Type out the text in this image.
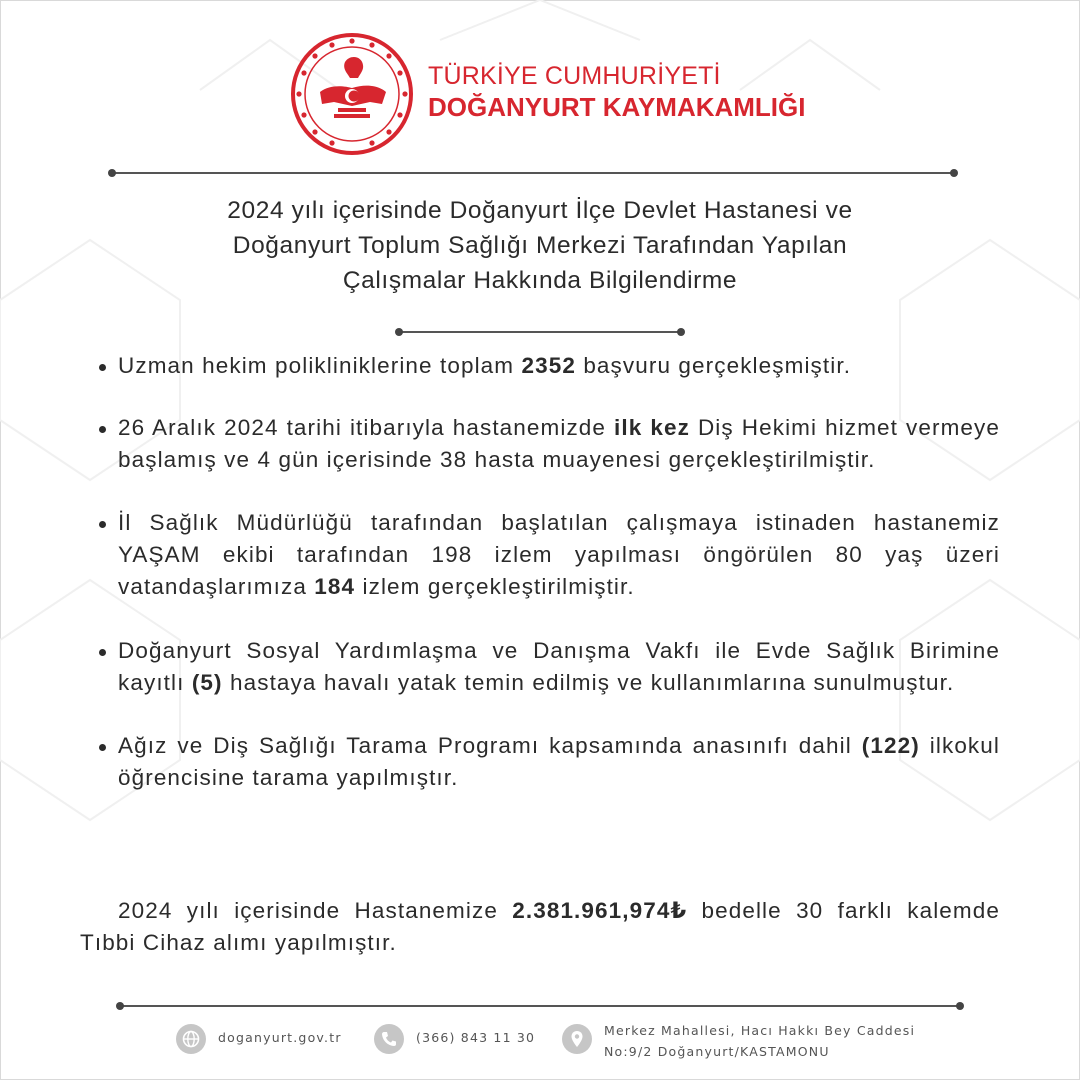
TÜRKİYE CUMHURİYETİ
DOĞANYURT KAYMAKAMLIĞI
2024 yılı içerisinde Doğanyurt İlçe Devlet Hastanesi ve
Doğanyurt Toplum Sağlığı Merkezi Tarafından Yapılan
Çalışmalar Hakkında Bilgilendirme
Uzman hekim polikliniklerine toplam 2352 başvuru gerçekleşmiştir.
26 Aralık 2024 tarihi itibarıyla hastanemizde ilk kez Diş Hekimi hizmet vermeye başlamış ve 4 gün içerisinde 38 hasta muayenesi gerçekleştirilmiştir.
İl Sağlık Müdürlüğü tarafından başlatılan çalışmaya istinaden hastanemiz YAŞAM ekibi tarafından 198 izlem yapılması öngörülen 80 yaş üzeri vatandaşlarımıza 184 izlem gerçekleştirilmiştir.
Doğanyurt Sosyal Yardımlaşma ve Danışma Vakfı ile Evde Sağlık Birimine kayıtlı (5) hastaya havalı yatak temin edilmiş ve kullanımlarına sunulmuştur.
Ağız ve Diş Sağlığı Tarama Programı kapsamında anasınıfı dahil (122) ilkokul öğrencisine tarama yapılmıştır.

2024 yılı içerisinde Hastanemize 2.381.961,974₺ bedelle 30 farklı kalemde Tıbbi Cihaz alımı yapılmıştır.

doganyurt.gov.tr	(366) 843 11 30	Merkez Mahallesi, Hacı Hakkı Bey Caddesi
No:9/2 Doğanyurt/KASTAMONU
